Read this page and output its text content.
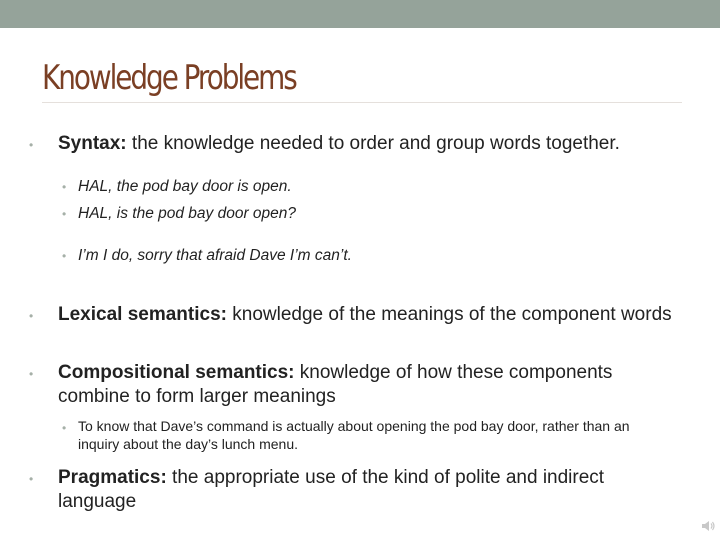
Knowledge Problems
•	Syntax: the knowledge needed to order and group words together.
• HAL, the pod bay door is open.
• HAL, is the pod bay door open?
• I’m I do, sorry that afraid Dave I’m can’t.
•	Lexical semantics: knowledge of the meanings of the component words
•	Compositional semantics: knowledge of how these components combine to form larger meanings
• To know that Dave’s command is actually about opening the pod bay door, rather than an inquiry about the day’s lunch menu.
•	Pragmatics: the appropriate use of the kind of polite and indirect language
